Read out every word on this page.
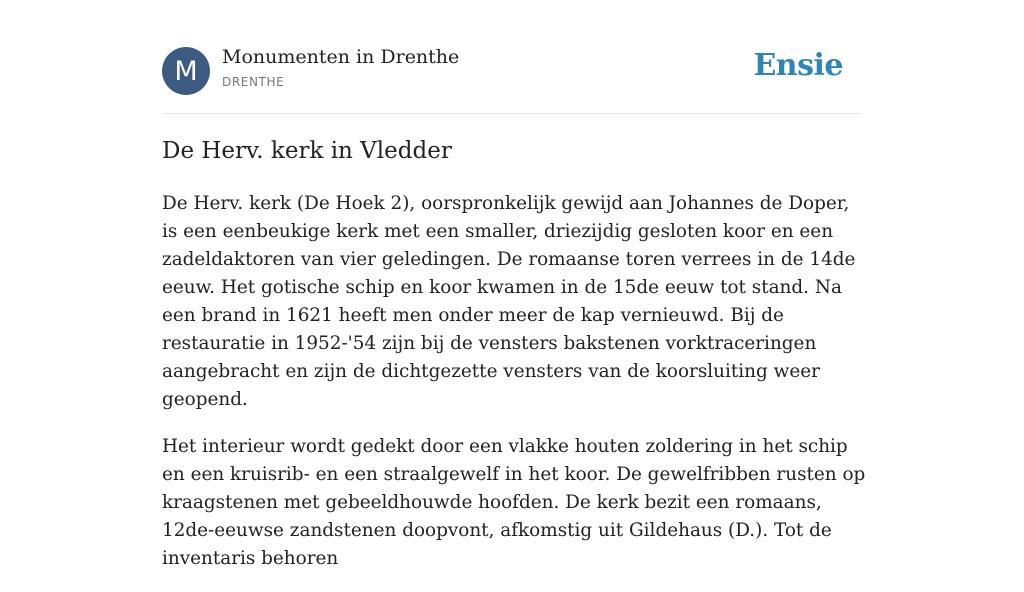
M	Monumenten in Drenthe
DRENTHE	Ensie
De Herv. kerk in Vledder

De Herv. kerk (De Hoek 2), oorspronkelijk gewijd aan Johannes de Doper, is een eenbeukige kerk met een smaller, driezijdig gesloten koor en een zadeldaktoren van vier geledingen. De romaanse toren verrees in de 14de eeuw. Het gotische schip en koor kwamen in de 15de eeuw tot stand. Na een brand in 1621 heeft men onder meer de kap vernieuwd. Bij de restauratie in 1952-'54 zijn bij de vensters bakstenen vorktraceringen aangebracht en zijn de dichtgezette vensters van de koorsluiting weer geopend.

Het interieur wordt gedekt door een vlakke houten zoldering in het schip en een kruisrib- en een straalgewelf in het koor. De gewelfribben rusten op kraagstenen met gebeeldhouwde hoofden. De kerk bezit een romaans, 12de-eeuwse zandstenen doopvont, afkomstig uit Gildehaus (D.). Tot de inventaris behoren
